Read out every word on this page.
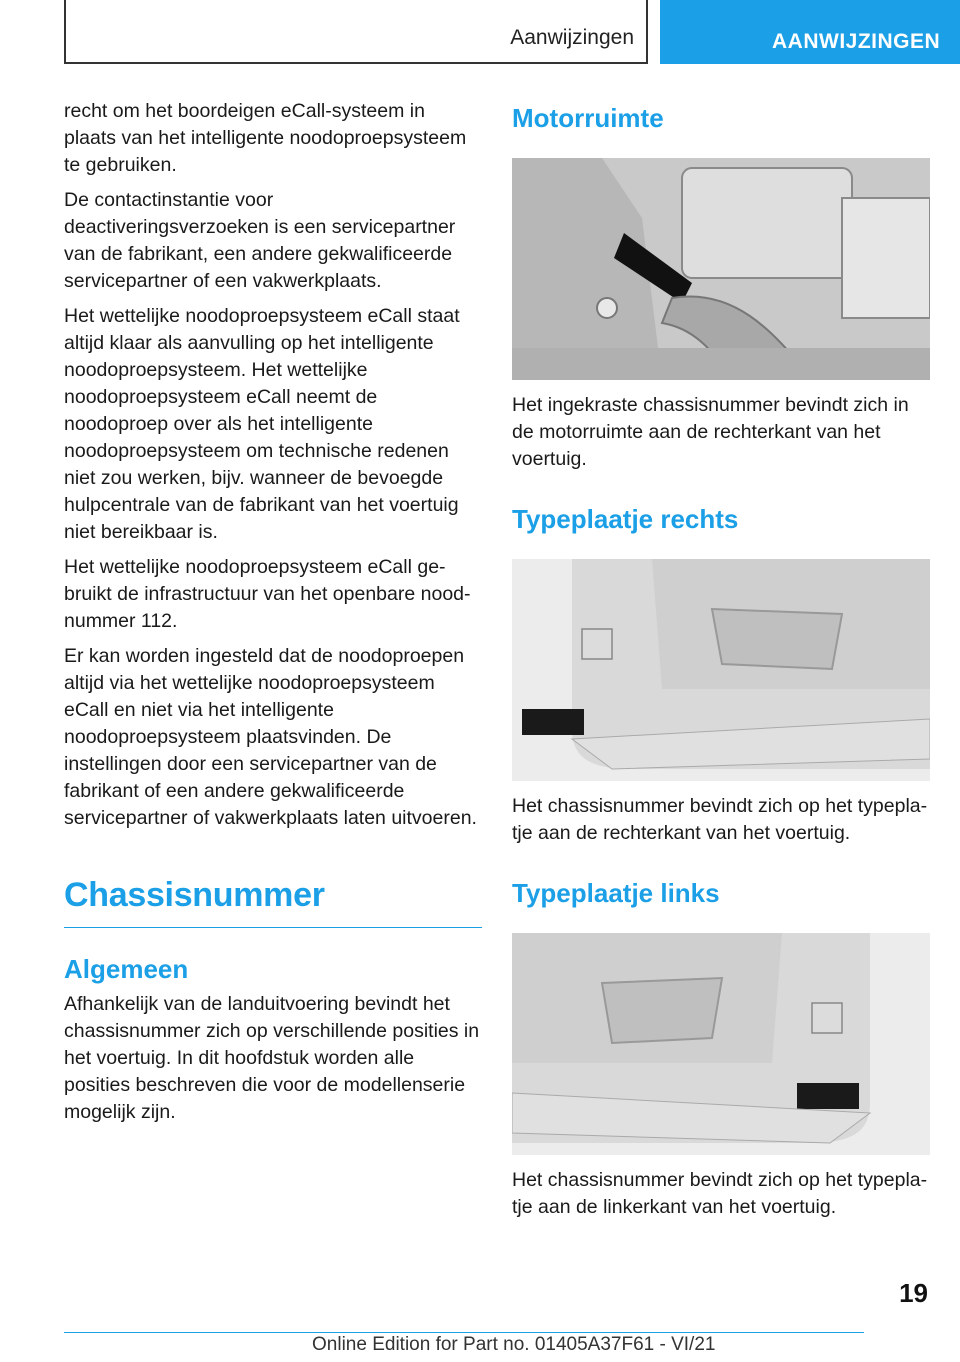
Aanwijzingen	AANWIJZINGEN

recht om het boordeigen eCall-systeem in plaats van het intelligente noodoproepsysteem te gebruiken.

De contactinstantie voor deactiveringsverzoeken is een servicepartner van de fabrikant, een andere gekwalificeerde servicepartner of een vakwerkplaats.

Het wettelijke noodoproepsysteem eCall staat altijd klaar als aanvulling op het intelligente noodoproepsysteem. Het wettelijke noodoproepsysteem eCall neemt de noodoproep over als het intelligente noodoproepsysteem om technische redenen niet zou werken, bijv. wanneer de bevoegde hulpcentrale van de fabrikant van het voertuig niet bereikbaar is.

Het wettelijke noodoproepsysteem eCall gebruikt de infrastructuur van het openbare noodnummer 112.

Er kan worden ingesteld dat de noodoproepen altijd via het wettelijke noodoproepsysteem eCall en niet via het intelligente noodoproepsysteem plaatsvinden. De instellingen door een servicepartner van de fabrikant of een andere gekwalificeerde servicepartner of vakwerkplaats laten uitvoeren.

Chassisnummer
Algemeen

Afhankelijk van de landuitvoering bevindt het chassisnummer zich op verschillende posities in het voertuig. In dit hoofdstuk worden alle posities beschreven die voor de modellenserie mogelijk zijn.

Motorruimte

Het ingekraste chassisnummer bevindt zich in de motorruimte aan de rechterkant van het voertuig.

Typeplaatje rechts

Het chassisnummer bevindt zich op het typeplatje aan de rechterkant van het voertuig.

Typeplaatje links

Het chassisnummer bevindt zich op het typeplatje aan de linkerkant van het voertuig.

19
Online Edition for Part no. 01405A37F61 - VI/21
